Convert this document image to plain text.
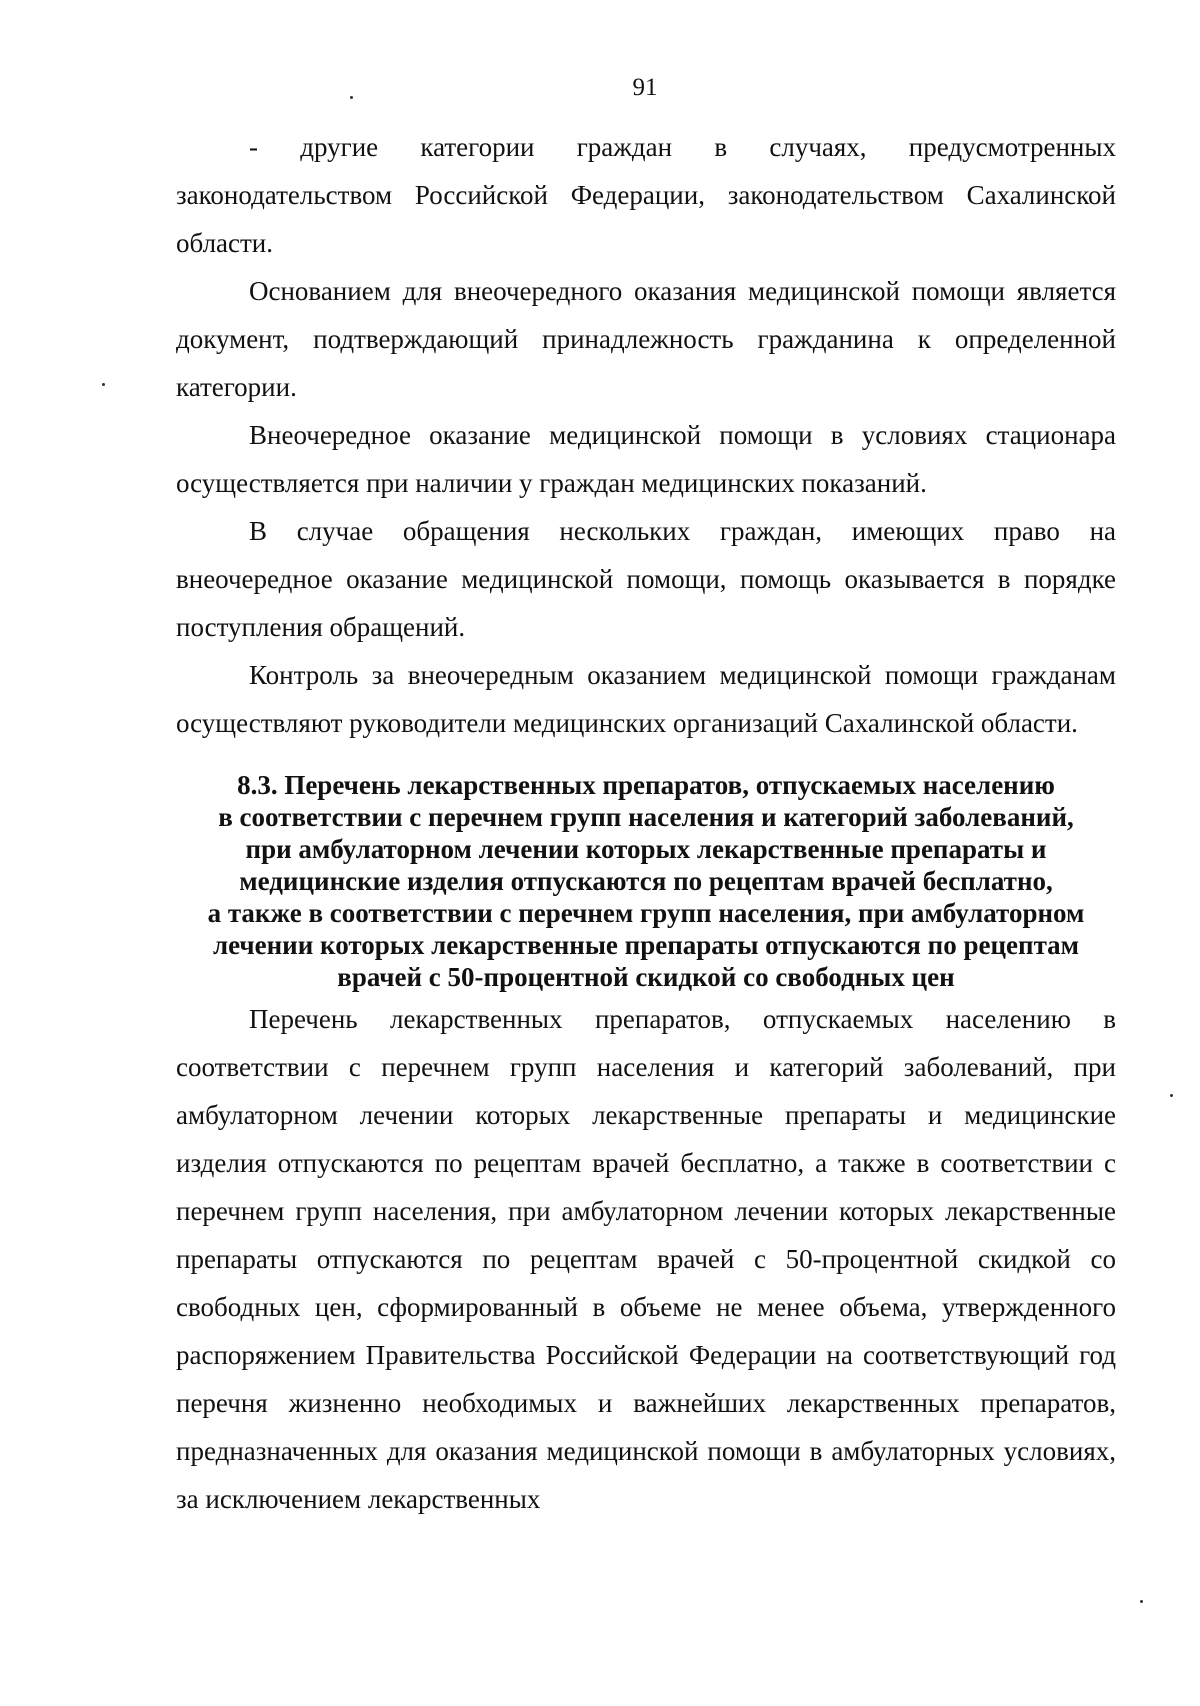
91

- другие категории граждан в случаях, предусмотренных законодательством Российской Федерации, законодательством Сахалинской области.

Основанием для внеочередного оказания медицинской помощи является документ, подтверждающий принадлежность гражданина к определенной категории.

Внеочередное оказание медицинской помощи в условиях стационара осуществляется при наличии у граждан медицинских показаний.

В случае обращения нескольких граждан, имеющих право на внеочередное оказание медицинской помощи, помощь оказывается в порядке поступления обращений.

Контроль за внеочередным оказанием медицинской помощи гражданам осуществляют руководители медицинских организаций Сахалинской области.

8.3. Перечень лекарственных препаратов, отпускаемых населению
в соответствии с перечнем групп населения и категорий заболеваний,
при амбулаторном лечении которых лекарственные препараты и
медицинские изделия отпускаются по рецептам врачей бесплатно,
а также в соответствии с перечнем групп населения, при амбулаторном
лечении которых лекарственные препараты отпускаются по рецептам
врачей с 50-процентной скидкой со свободных цен

Перечень лекарственных препаратов, отпускаемых населению в соответствии с перечнем групп населения и категорий заболеваний, при амбулаторном лечении которых лекарственные препараты и медицинские изделия отпускаются по рецептам врачей бесплатно, а также в соответствии с перечнем групп населения, при амбулаторном лечении которых лекарственные препараты отпускаются по рецептам врачей с 50-процентной скидкой со свободных цен, сформированный в объеме не менее объема, утвержденного распоряжением Правительства Российской Федерации на соответствующий год перечня жизненно необходимых и важнейших лекарственных препаратов, предназначенных для оказания медицинской помощи в амбулаторных условиях, за исключением лекарственных
